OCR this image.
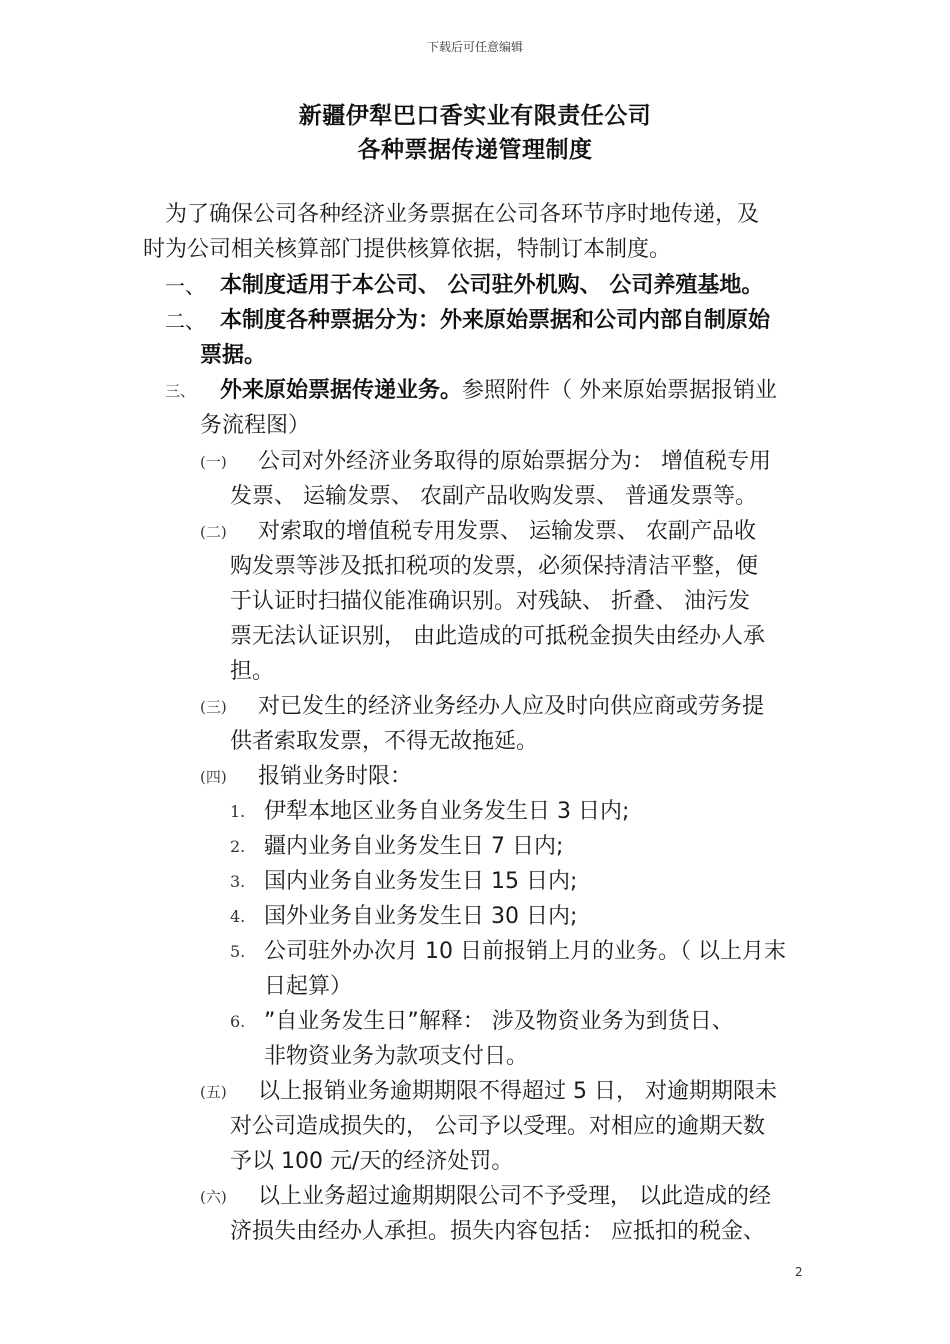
下载后可任意编辑
新疆伊犁巴口香实业有限责任公司
各种票据传递管理制度
为了确保公司各种经济业务票据在公司各环节序时地传递，及
时为公司相关核算部门提供核算依据，特制订本制度。
一、 本制度适用于本公司、 公司驻外机购、 公司养殖基地。
二、 本制度各种票据分为：外来原始票据和公司内部自制原始
票据。
三、 外来原始票据传递业务。参照附件（ 外来原始票据报销业
务流程图）
(一) 公司对外经济业务取得的原始票据分为： 增值税专用
发票、 运输发票、 农副产品收购发票、 普通发票等。
(二) 对索取的增值税专用发票、 运输发票、 农副产品收
购发票等涉及抵扣税项的发票，必须保持清洁平整，便
于认证时扫描仪能准确识别。对残缺、 折叠、 油污发
票无法认证识别， 由此造成的可抵税金损失由经办人承
担。
(三) 对已发生的经济业务经办人应及时向供应商或劳务提
供者索取发票，不得无故拖延。
(四) 报销业务时限：
1. 伊犁本地区业务自业务发生日 3 日内;
2. 疆内业务自业务发生日 7 日内;
3. 国内业务自业务发生日 15 日内;
4. 国外业务自业务发生日 30 日内;
5. 公司驻外办次月 10 日前报销上月的业务。（ 以上月末
日起算）
6. ”自业务发生日”解释： 涉及物资业务为到货日、
非物资业务为款项支付日。
(五) 以上报销业务逾期期限不得超过 5 日， 对逾期期限未
对公司造成损失的， 公司予以受理。对相应的逾期天数
予以 100 元/天的经济处罚。
(六) 以上业务超过逾期期限公司不予受理， 以此造成的经
济损失由经办人承担。损失内容包括： 应抵扣的税金、
2
